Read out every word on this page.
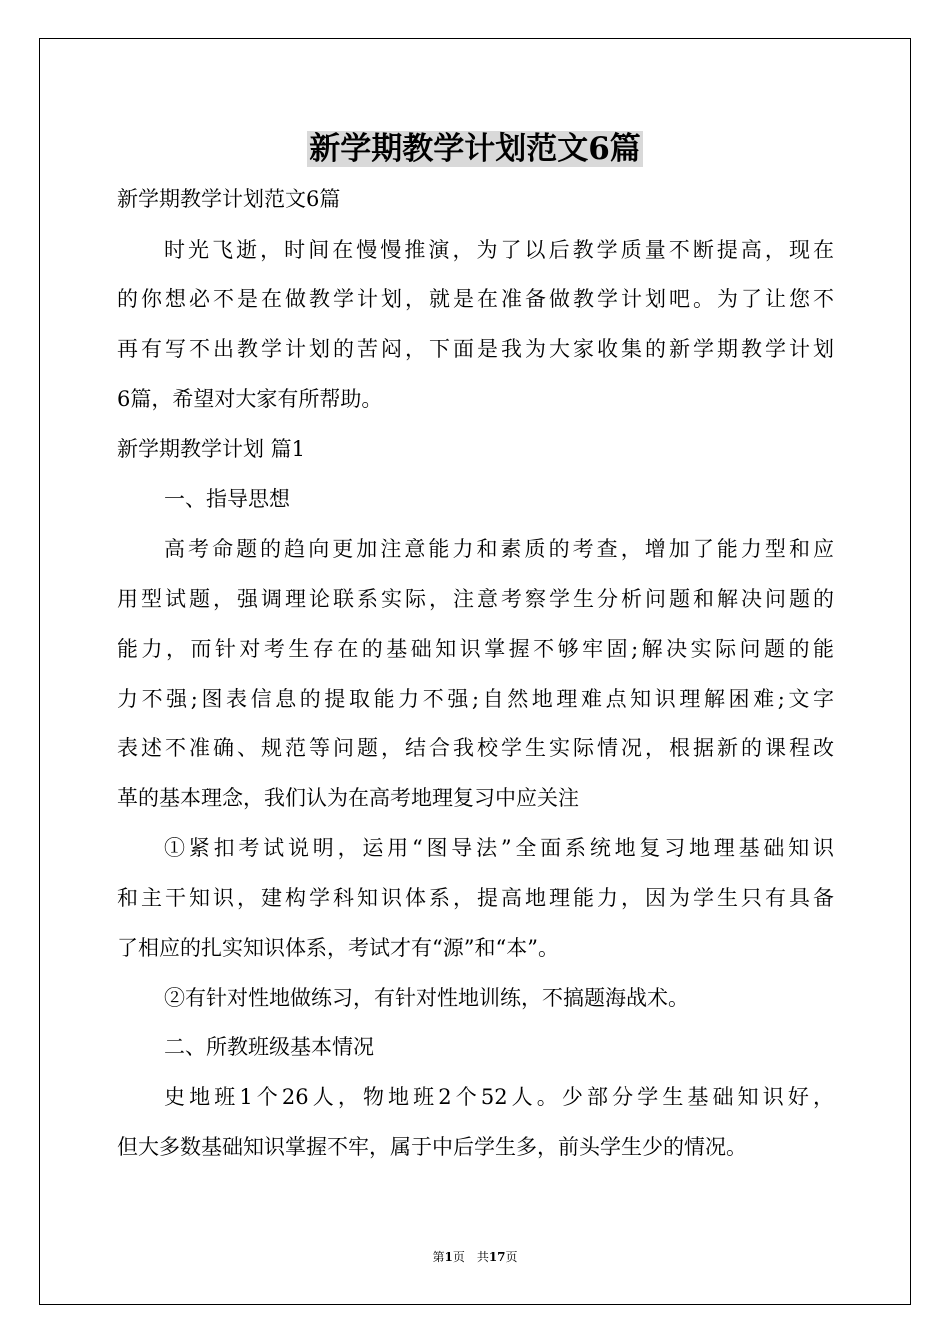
新学期教学计划范文6篇
新学期教学计划范文6篇
时光飞逝，时间在慢慢推演，为了以后教学质量不断提高，现在
的你想必不是在做教学计划，就是在准备做教学计划吧。为了让您不
再有写不出教学计划的苦闷，下面是我为大家收集的新学期教学计划
6篇，希望对大家有所帮助。
新学期教学计划 篇1
一、指导思想
高考命题的趋向更加注意能力和素质的考查，增加了能力型和应
用型试题，强调理论联系实际，注意考察学生分析问题和解决问题的
能力，而针对考生存在的基础知识掌握不够牢固;解决实际问题的能
力不强;图表信息的提取能力不强;自然地理难点知识理解困难;文字
表述不准确、规范等问题，结合我校学生实际情况，根据新的课程改
革的基本理念，我们认为在高考地理复习中应关注
①紧扣考试说明，运用“图导法”全面系统地复习地理基础知识
和主干知识，建构学科知识体系，提高地理能力，因为学生只有具备
了相应的扎实知识体系，考试才有“源”和“本”。
②有针对性地做练习，有针对性地训练，不搞题海战术。
二、所教班级基本情况
史地班1个26人，物地班2个52人。少部分学生基础知识好，
但大多数基础知识掌握不牢，属于中后学生多，前头学生少的情况。
第1页　共17页
